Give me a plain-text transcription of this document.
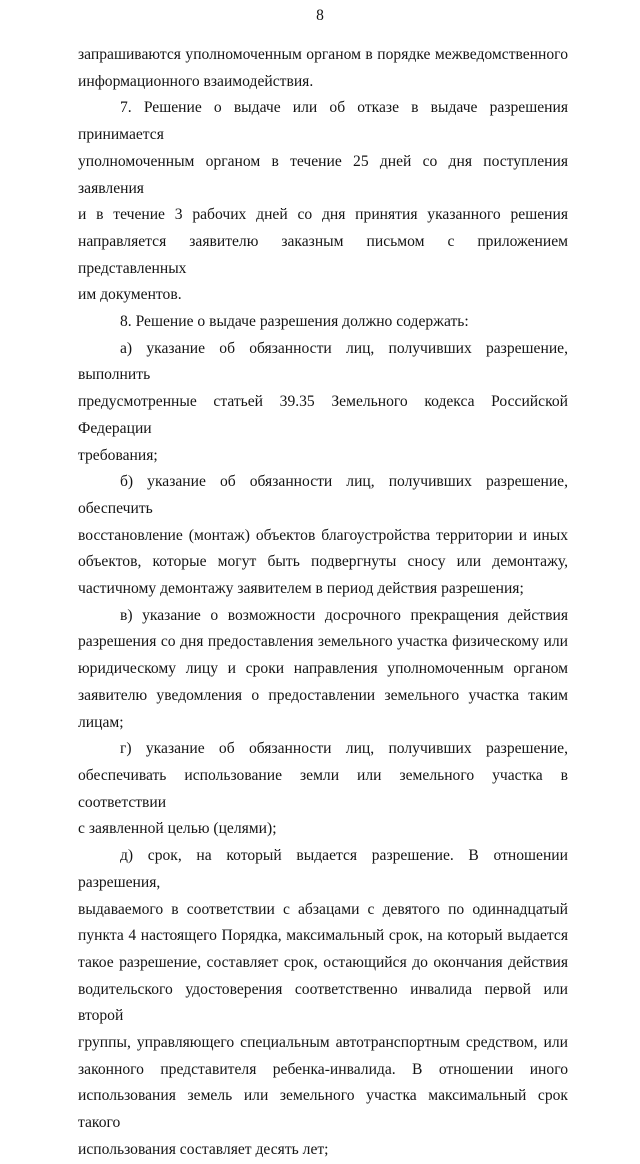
8

запрашиваются уполномоченным органом в порядке межведомственного
информационного взаимодействия.

7. Решение о выдаче или об отказе в выдаче разрешения принимается
уполномоченным органом в течение 25 дней со дня поступления заявления
и в течение 3 рабочих дней со дня принятия указанного решения
направляется заявителю заказным письмом с приложением представленных
им документов.

8. Решение о выдаче разрешения должно содержать:

а) указание об обязанности лиц, получивших разрешение, выполнить
предусмотренные статьей 39.35 Земельного кодекса Российской Федерации
требования;

б) указание об обязанности лиц, получивших разрешение, обеспечить
восстановление (монтаж) объектов благоустройства территории и иных
объектов, которые могут быть подвергнуты сносу или демонтажу,
частичному демонтажу заявителем в период действия разрешения;

в) указание о возможности досрочного прекращения действия
разрешения со дня предоставления земельного участка физическому или
юридическому лицу и сроки направления уполномоченным органом
заявителю уведомления о предоставлении земельного участка таким лицам;

г) указание об обязанности лиц, получивших разрешение,
обеспечивать использование земли или земельного участка в соответствии
с заявленной целью (целями);

д) срок, на который выдается разрешение. В отношении разрешения,
выдаваемого в соответствии с абзацами с девятого по одиннадцатый
пункта 4 настоящего Порядка, максимальный срок, на который выдается
такое разрешение, составляет срок, остающийся до окончания действия
водительского удостоверения соответственно инвалида первой или второй
группы, управляющего специальным автотранспортным средством, или
законного представителя ребенка-инвалида. В отношении иного
использования земель или земельного участка максимальный срок такого
использования составляет десять лет;
